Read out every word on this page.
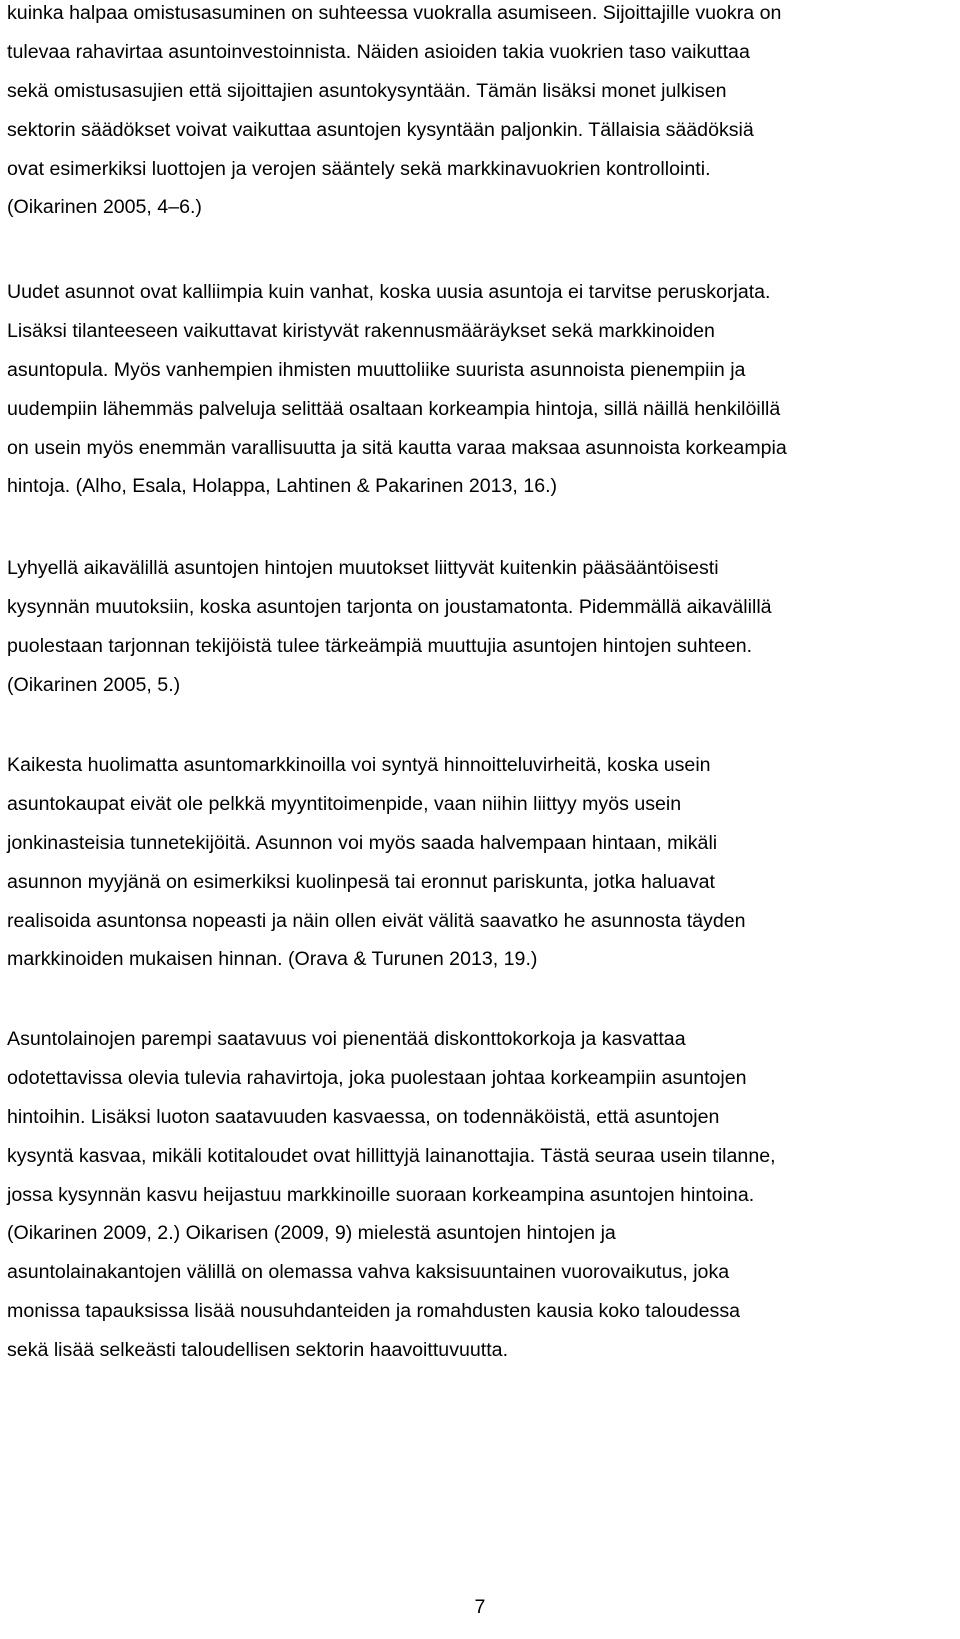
kuinka halpaa omistusasuminen on suhteessa vuokralla asumiseen. Sijoittajille vuokra on
tulevaa rahavirtaa asuntoinvestoinnista. Näiden asioiden takia vuokrien taso vaikuttaa
sekä omistusasujien että sijoittajien asuntokysyntään. Tämän lisäksi monet julkisen
sektorin säädökset voivat vaikuttaa asuntojen kysyntään paljonkin. Tällaisia säädöksiä
ovat esimerkiksi luottojen ja verojen sääntely sekä markkinavuokrien kontrollointi.
(Oikarinen 2005, 4–6.)
Uudet asunnot ovat kalliimpia kuin vanhat, koska uusia asuntoja ei tarvitse peruskorjata.
Lisäksi tilanteeseen vaikuttavat kiristyvät rakennusmääräykset sekä markkinoiden
asuntopula. Myös vanhempien ihmisten muuttoliike suurista asunnoista pienempiin ja
uudempiin lähemmäs palveluja selittää osaltaan korkeampia hintoja, sillä näillä henkilöillä
on usein myös enemmän varallisuutta ja sitä kautta varaa maksaa asunnoista korkeampia
hintoja. (Alho, Esala, Holappa, Lahtinen & Pakarinen 2013, 16.)
Lyhyellä aikavälillä asuntojen hintojen muutokset liittyvät kuitenkin pääsääntöisesti
kysynnän muutoksiin, koska asuntojen tarjonta on joustamatonta. Pidemmällä aikavälillä
puolestaan tarjonnan tekijöistä tulee tärkeämpiä muuttujia asuntojen hintojen suhteen.
(Oikarinen 2005, 5.)
Kaikesta huolimatta asuntomarkkinoilla voi syntyä hinnoitteluvirheitä, koska usein
asuntokaupat eivät ole pelkkä myyntitoimenpide, vaan niihin liittyy myös usein
jonkinasteisia tunnetekijöitä. Asunnon voi myös saada halvempaan hintaan, mikäli
asunnon myyjänä on esimerkiksi kuolinpesä tai eronnut pariskunta, jotka haluavat
realisoida asuntonsa nopeasti ja näin ollen eivät välitä saavatko he asunnosta täyden
markkinoiden mukaisen hinnan. (Orava & Turunen 2013, 19.)
Asuntolainojen parempi saatavuus voi pienentää diskonttokorkoja ja kasvattaa
odotettavissa olevia tulevia rahavirtoja, joka puolestaan johtaa korkeampiin asuntojen
hintoihin. Lisäksi luoton saatavuuden kasvaessa, on todennäköistä, että asuntojen
kysyntä kasvaa, mikäli kotitaloudet ovat hillittyjä lainanottajia. Tästä seuraa usein tilanne,
jossa kysynnän kasvu heijastuu markkinoille suoraan korkeampina asuntojen hintoina.
(Oikarinen 2009, 2.) Oikarisen (2009, 9) mielestä asuntojen hintojen ja
asuntolainakantojen välillä on olemassa vahva kaksisuuntainen vuorovaikutus, joka
monissa tapauksissa lisää nousuhdanteiden ja romahdusten kausia koko taloudessa
sekä lisää selkeästi taloudellisen sektorin haavoittuvuutta.
7
